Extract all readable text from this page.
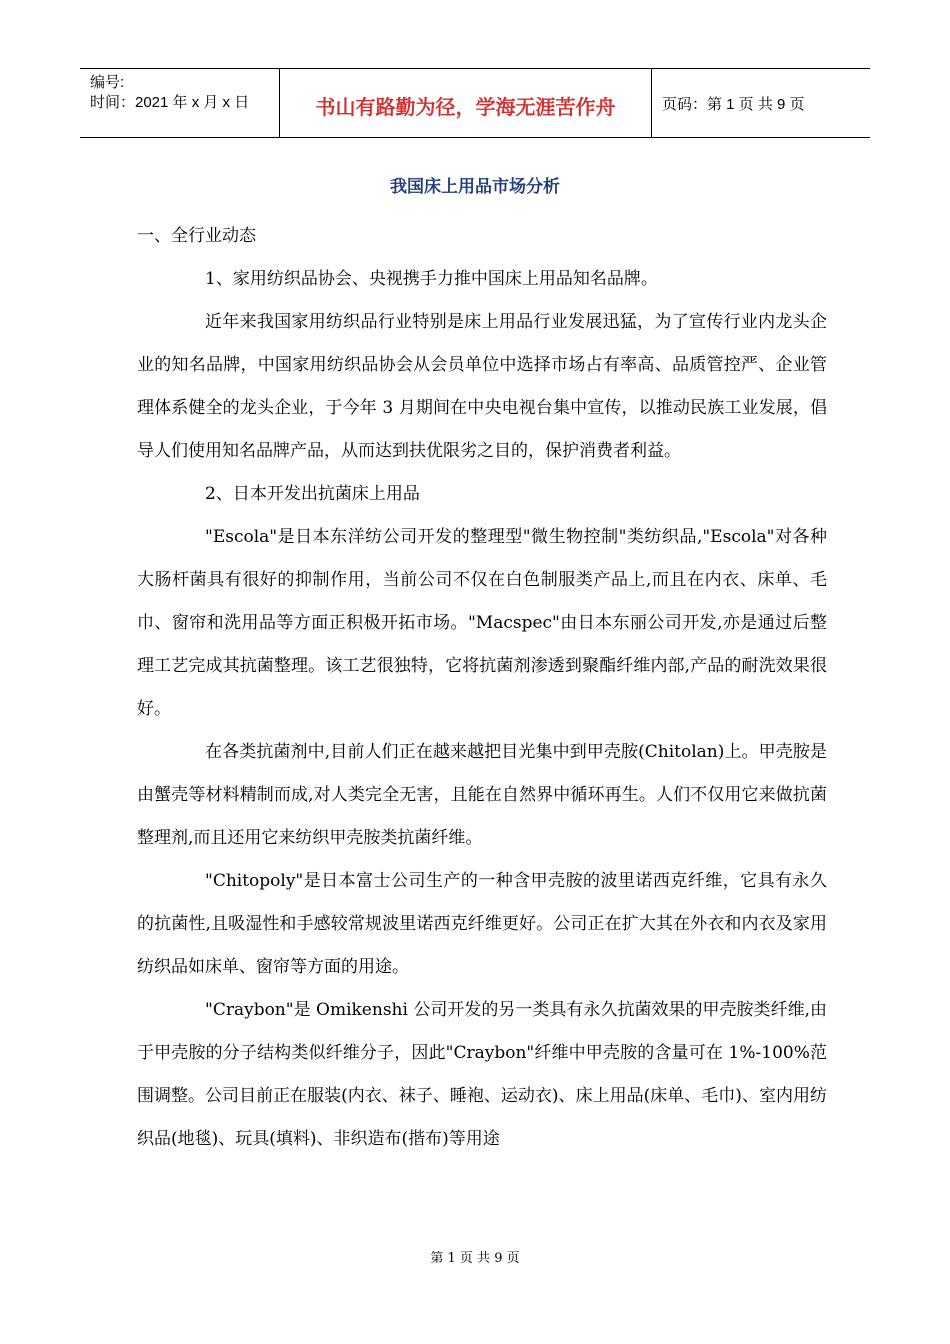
编号:
时间：2021 年 x 月 x 日	书山有路勤为径，学海无涯苦作舟	页码：第 1 页 共 9 页
我国床上用品市场分析

一、全行业动态

1、家用纺织品协会、央视携手力推中国床上用品知名品牌。

近年来我国家用纺织品行业特别是床上用品行业发展迅猛，为了宣传行业内龙头企业的知名品牌，中国家用纺织品协会从会员单位中选择市场占有率高、品质管控严、企业管理体系健全的龙头企业，于今年 3 月期间在中央电视台集中宣传，以推动民族工业发展，倡导人们使用知名品牌产品，从而达到扶优限劣之目的，保护消费者利益。

2、日本开发出抗菌床上用品

"Escola"是日本东洋纺公司开发的整理型"微生物控制"类纺织品,"Escola"对各种大肠杆菌具有很好的抑制作用，当前公司不仅在白色制服类产品上,而且在内衣、床单、毛巾、窗帘和洗用品等方面正积极开拓市场。"Macspec"由日本东丽公司开发,亦是通过后整理工艺完成其抗菌整理。该工艺很独特，它将抗菌剂渗透到聚酯纤维内部,产品的耐洗效果很好。

在各类抗菌剂中,目前人们正在越来越把目光集中到甲壳胺(Chitolan)上。甲壳胺是由蟹壳等材料精制而成,对人类完全无害，且能在自然界中循环再生。人们不仅用它来做抗菌整理剂,而且还用它来纺织甲壳胺类抗菌纤维。

"Chitopoly"是日本富士公司生产的一种含甲壳胺的波里诺西克纤维，它具有永久的抗菌性,且吸湿性和手感较常规波里诺西克纤维更好。公司正在扩大其在外衣和内衣及家用纺织品如床单、窗帘等方面的用途。

"Craybon"是 Omikenshi 公司开发的另一类具有永久抗菌效果的甲壳胺类纤维,由于甲壳胺的分子结构类似纤维分子，因此"Craybon"纤维中甲壳胺的含量可在 1%-100%范围调整。公司目前正在服装(内衣、袜子、睡袍、运动衣)、床上用品(床单、毛巾)、室内用纺织品(地毯)、玩具(填料)、非织造布(揩布)等用途

第 1 页 共 9 页
